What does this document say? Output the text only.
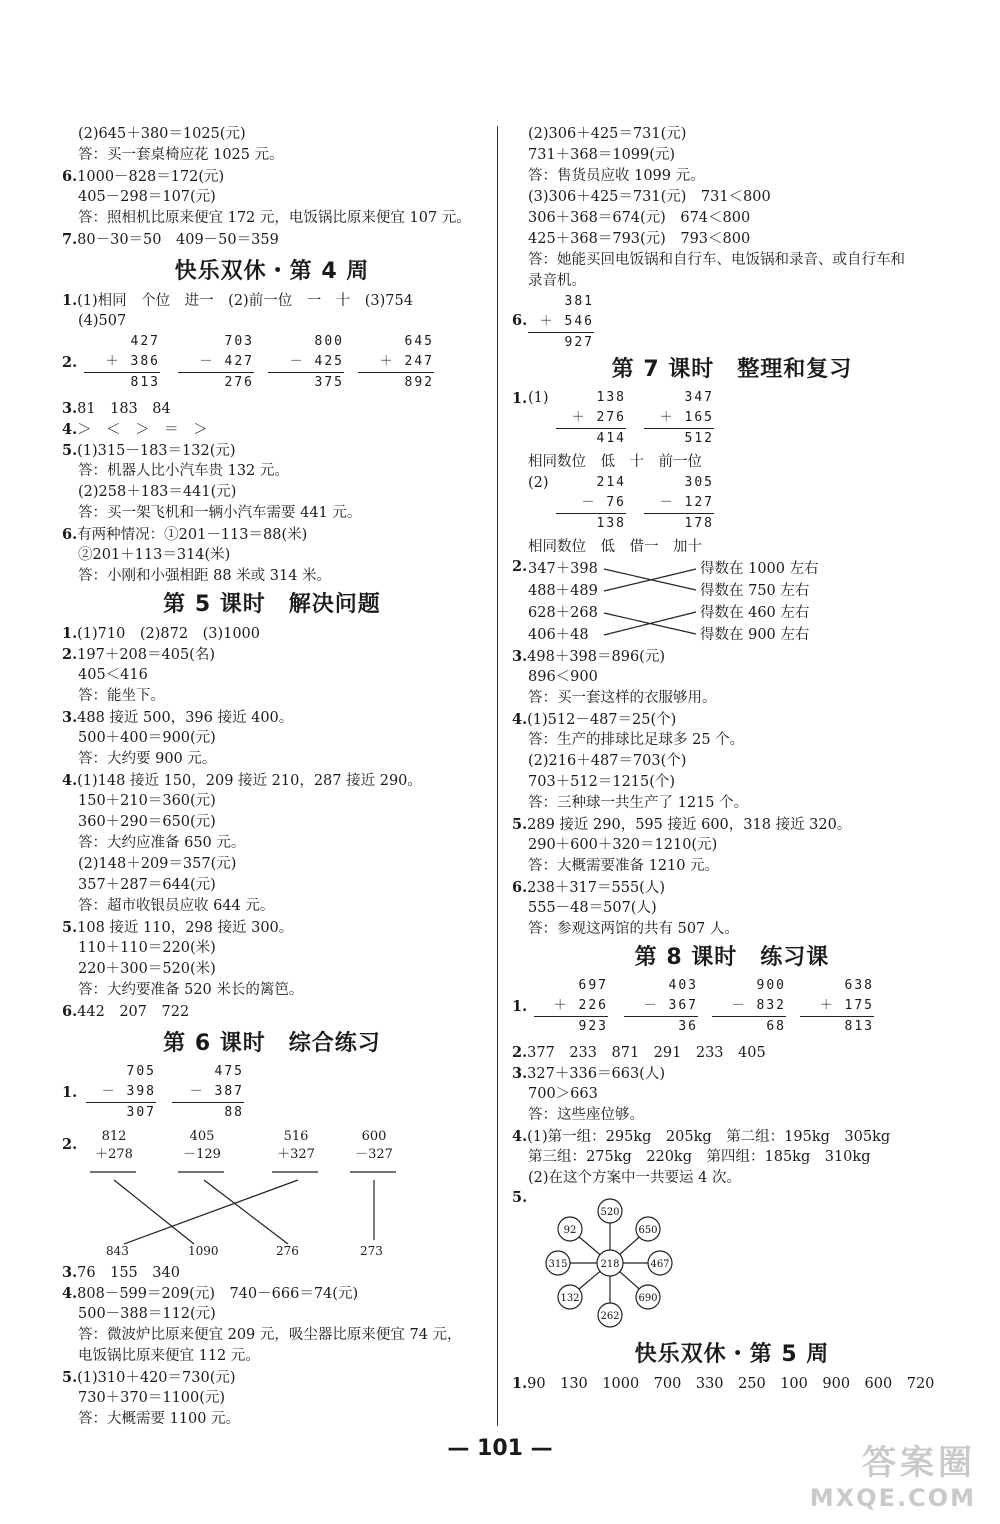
(2)645＋380＝1025(元)
答：买一套桌椅应花 1025 元。
6.1000－828＝172(元)
405－298＝107(元)
答：照相机比原来便宜 172 元，电饭锅比原来便宜 107 元。
7.80－30＝50　409－50＝359
快乐双休・第 4 周
1.(1)相同　个位　进一　(2)前一位　一　十　(3)754
(4)507
2.
427
＋ 386
813
703
－ 427
276
800
－ 425
375
645
＋ 247
892
3.81　183　84
4.＞　＜　＞　＝　＞
5.(1)315－183＝132(元)
答：机器人比小汽车贵 132 元。
(2)258＋183＝441(元)
答：买一架飞机和一辆小汽车需要 441 元。
6.有两种情况：①201－113＝88(米)
②201＋113＝314(米)
答：小刚和小强相距 88 米或 314 米。
第 5 课时　解决问题
1.(1)710　(2)872　(3)1000
2.197＋208＝405(名)
405＜416
答：能坐下。
3.488 接近 500，396 接近 400。
500＋400＝900(元)
答：大约要 900 元。
4.(1)148 接近 150，209 接近 210，287 接近 290。
150＋210＝360(元)
360＋290＝650(元)
答：大约应准备 650 元。
(2)148＋209＝357(元)
357＋287＝644(元)
答：超市收银员应收 644 元。
5.108 接近 110，298 接近 300。
110＋110＝220(米)
220＋300＝520(米)
答：大约要准备 520 米长的篱笆。
6.442　207　722
第 6 课时　综合练习
1.
705
－ 398
307
475
－ 387
88
2.	812
＋278
405
－129
516
＋327
600
－327
843	1090	276	273
3.76　155　340
4.808－599＝209(元)　740－666＝74(元)
500－388＝112(元)
答：微波炉比原来便宜 209 元，吸尘器比原来便宜 74 元，
电饭锅比原来便宜 112 元。
5.(1)310＋420＝730(元)
730＋370＝1100(元)
答：大概需要 1100 元。
(2)306＋425＝731(元)
731＋368＝1099(元)
答：售货员应收 1099 元。
(3)306＋425＝731(元)　731＜800
306＋368＝674(元)　674＜800
425＋368＝793(元)　793＜800
答：她能买回电饭锅和自行车、电饭锅和录音、或自行车和
录音机。
6.
381
＋ 546
927
第 7 课时　整理和复习
1. (1)	138
＋ 276
414
347
＋ 165
512
相同数位　低　十　前一位
(2)	214
－ 76
138
305
－ 127
178
相同数位　低　借一　加十
2. 347＋398
488＋489
628＋268
406＋48
得数在 1000 左右
得数在 750 左右
得数在 460 左右
得数在 900 左右
3.498＋398＝896(元)
896＜900
答：买一套这样的衣服够用。
4.(1)512－487＝25(个)
答：生产的排球比足球多 25 个。
(2)216＋487＝703(个)
703＋512＝1215(个)
答：三种球一共生产了 1215 个。
5.289 接近 290，595 接近 600，318 接近 320。
290＋600＋320＝1210(元)
答：大概需要准备 1210 元。
6.238＋317＝555(人)
555－48＝507(人)
答：参观这两馆的共有 507 人。
第 8 课时　练习课
1.
697
＋ 226
923
403
－ 367
36
900
－ 832
68
638
＋ 175
813
2.377　233　871　291　233　405
3.327＋336＝663(人)
700＞663
答：这些座位够。
4.(1)第一组：295kg　205kg　第二组：195kg　305kg
第三组：275kg　220kg　第四组：185kg　310kg
(2)在这个方案中一共要运 4 次。
5.
218
520
650
467
690
262
132
315
92
快乐双休・第 5 周
1.90　130　1000　700　330　250　100　900　600　720
— 101 —	答案圈
MXQE.COM
